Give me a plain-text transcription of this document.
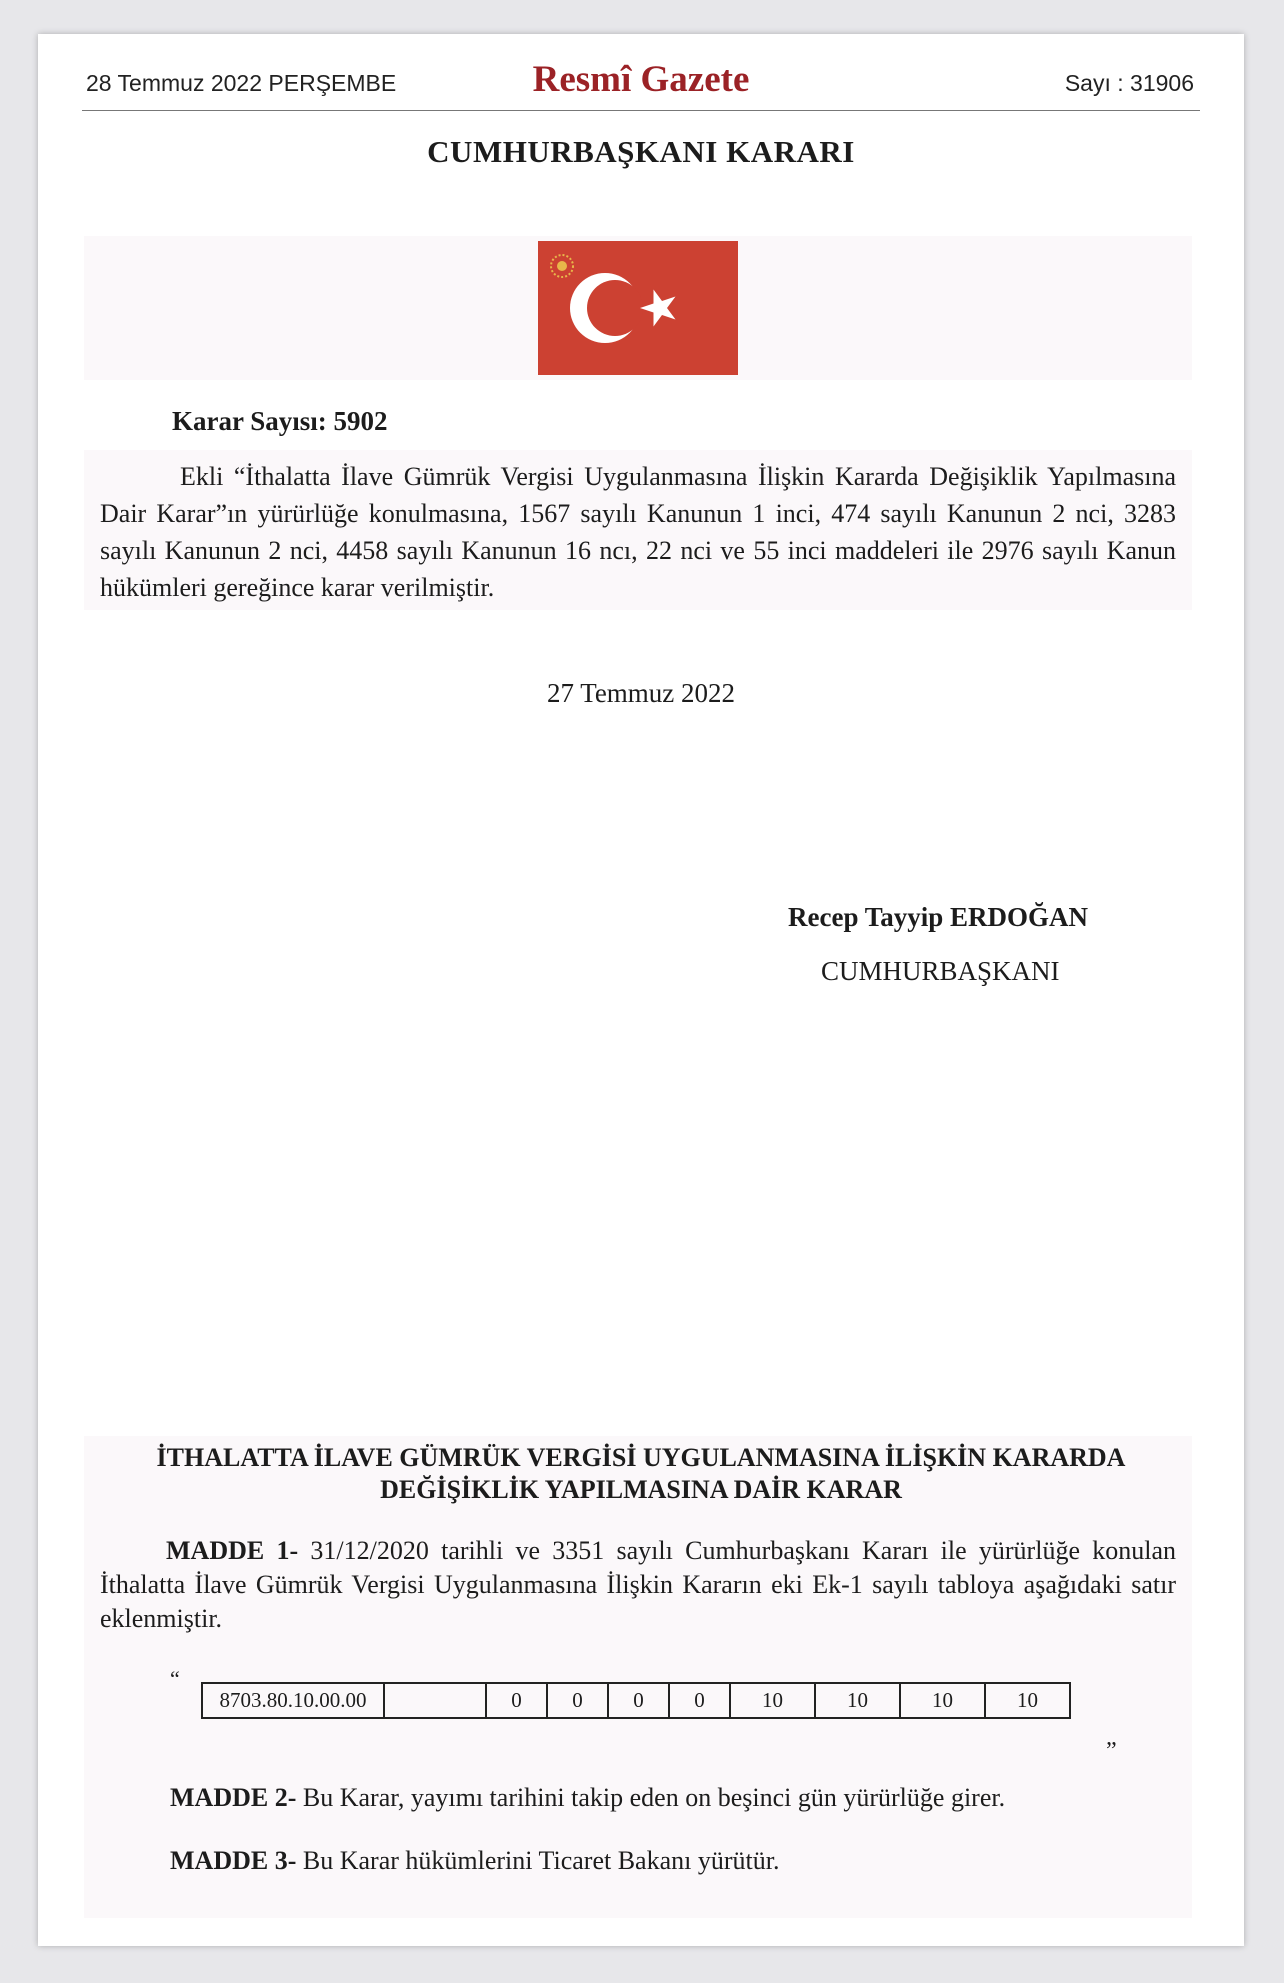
28 Temmuz 2022 PERŞEMBE	Resmî Gazete	Sayı : 31906
CUMHURBAŞKANI KARARI
Karar Sayısı: 5902
Ekli “İthalatta İlave Gümrük Vergisi Uygulanmasına İlişkin Kararda Değişiklik Yapılmasına Dair Karar”ın yürürlüğe konulmasına, 1567 sayılı Kanunun 1 inci, 474 sayılı Kanunun 2 nci, 3283 sayılı Kanunun 2 nci, 4458 sayılı Kanunun 16 ncı, 22 nci ve 55 inci maddeleri ile 2976 sayılı Kanun hükümleri gereğince karar verilmiştir.
27 Temmuz 2022
Recep Tayyip ERDOĞAN
CUMHURBAŞKANI
İTHALATTA İLAVE GÜMRÜK VERGİSİ UYGULANMASINA İLİŞKİN KARARDA
DEĞİŞİKLİK YAPILMASINA DAİR KARAR
MADDE 1- 31/12/2020 tarihli ve 3351 sayılı Cumhurbaşkanı Kararı ile yürürlüğe konulan İthalatta İlave Gümrük Vergisi Uygulanmasına İlişkin Kararın eki Ek-1 sayılı tabloya aşağıdaki satır eklenmiştir.
“
8703.80.10.00.00		0	0	0	0	10	10	10	10
”
MADDE 2- Bu Karar, yayımı tarihini takip eden on beşinci gün yürürlüğe girer.
MADDE 3- Bu Karar hükümlerini Ticaret Bakanı yürütür.
